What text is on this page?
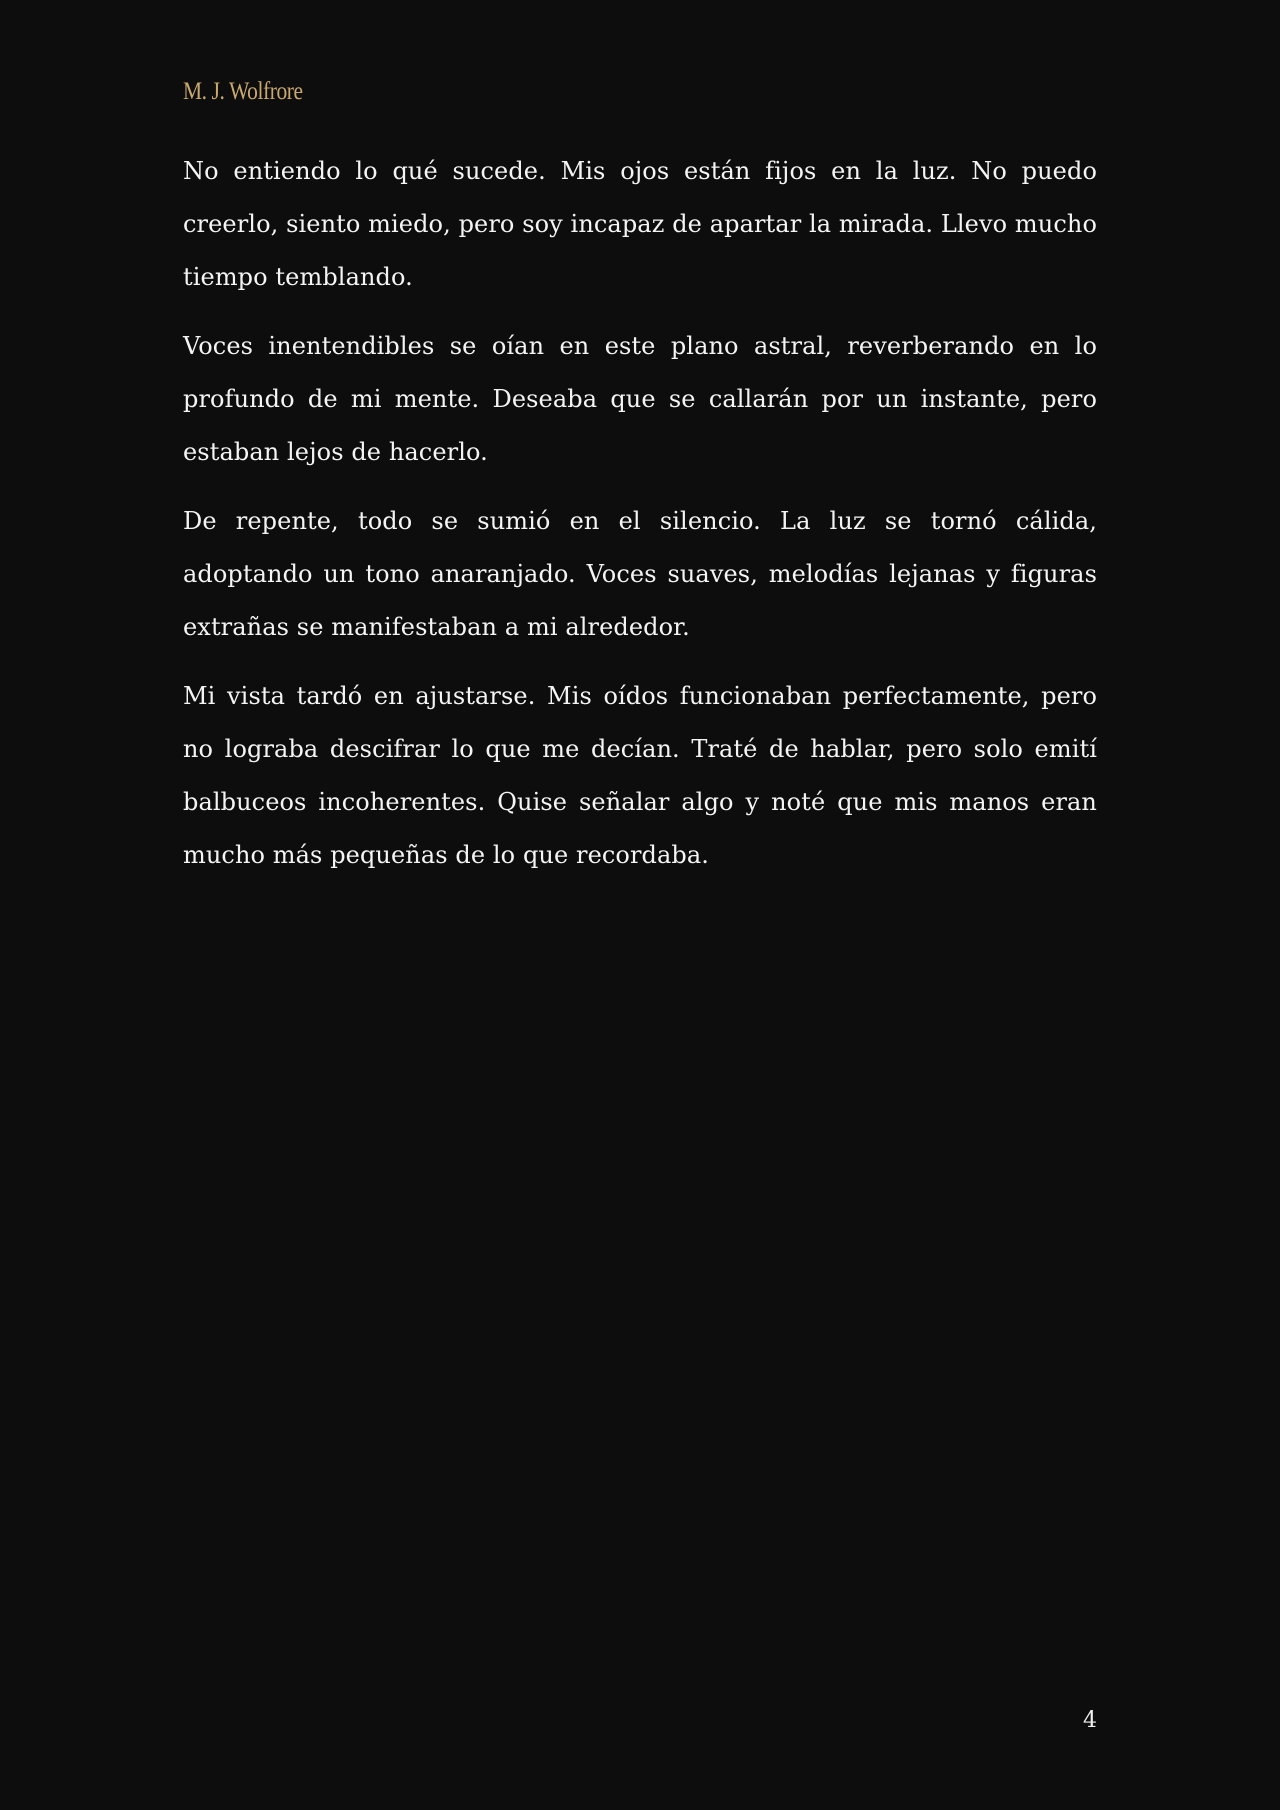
M. J. Wolfrore

No entiendo lo qué sucede. Mis ojos están fijos en la luz. No puedo creerlo, siento miedo, pero soy incapaz de apartar la mirada. Llevo mucho tiempo temblando.

Voces inentendibles se oían en este plano astral, reverberando en lo profundo de mi mente. Deseaba que se callarán por un instante, pero estaban lejos de hacerlo.

De repente, todo se sumió en el silencio. La luz se tornó cálida, adoptando un tono anaranjado. Voces suaves, melodías lejanas y figuras extrañas se manifestaban a mi alrededor.

Mi vista tardó en ajustarse. Mis oídos funcionaban perfectamente, pero no lograba descifrar lo que me decían. Traté de hablar, pero solo emití balbuceos incoherentes. Quise señalar algo y noté que mis manos eran mucho más pequeñas de lo que recordaba.

4
